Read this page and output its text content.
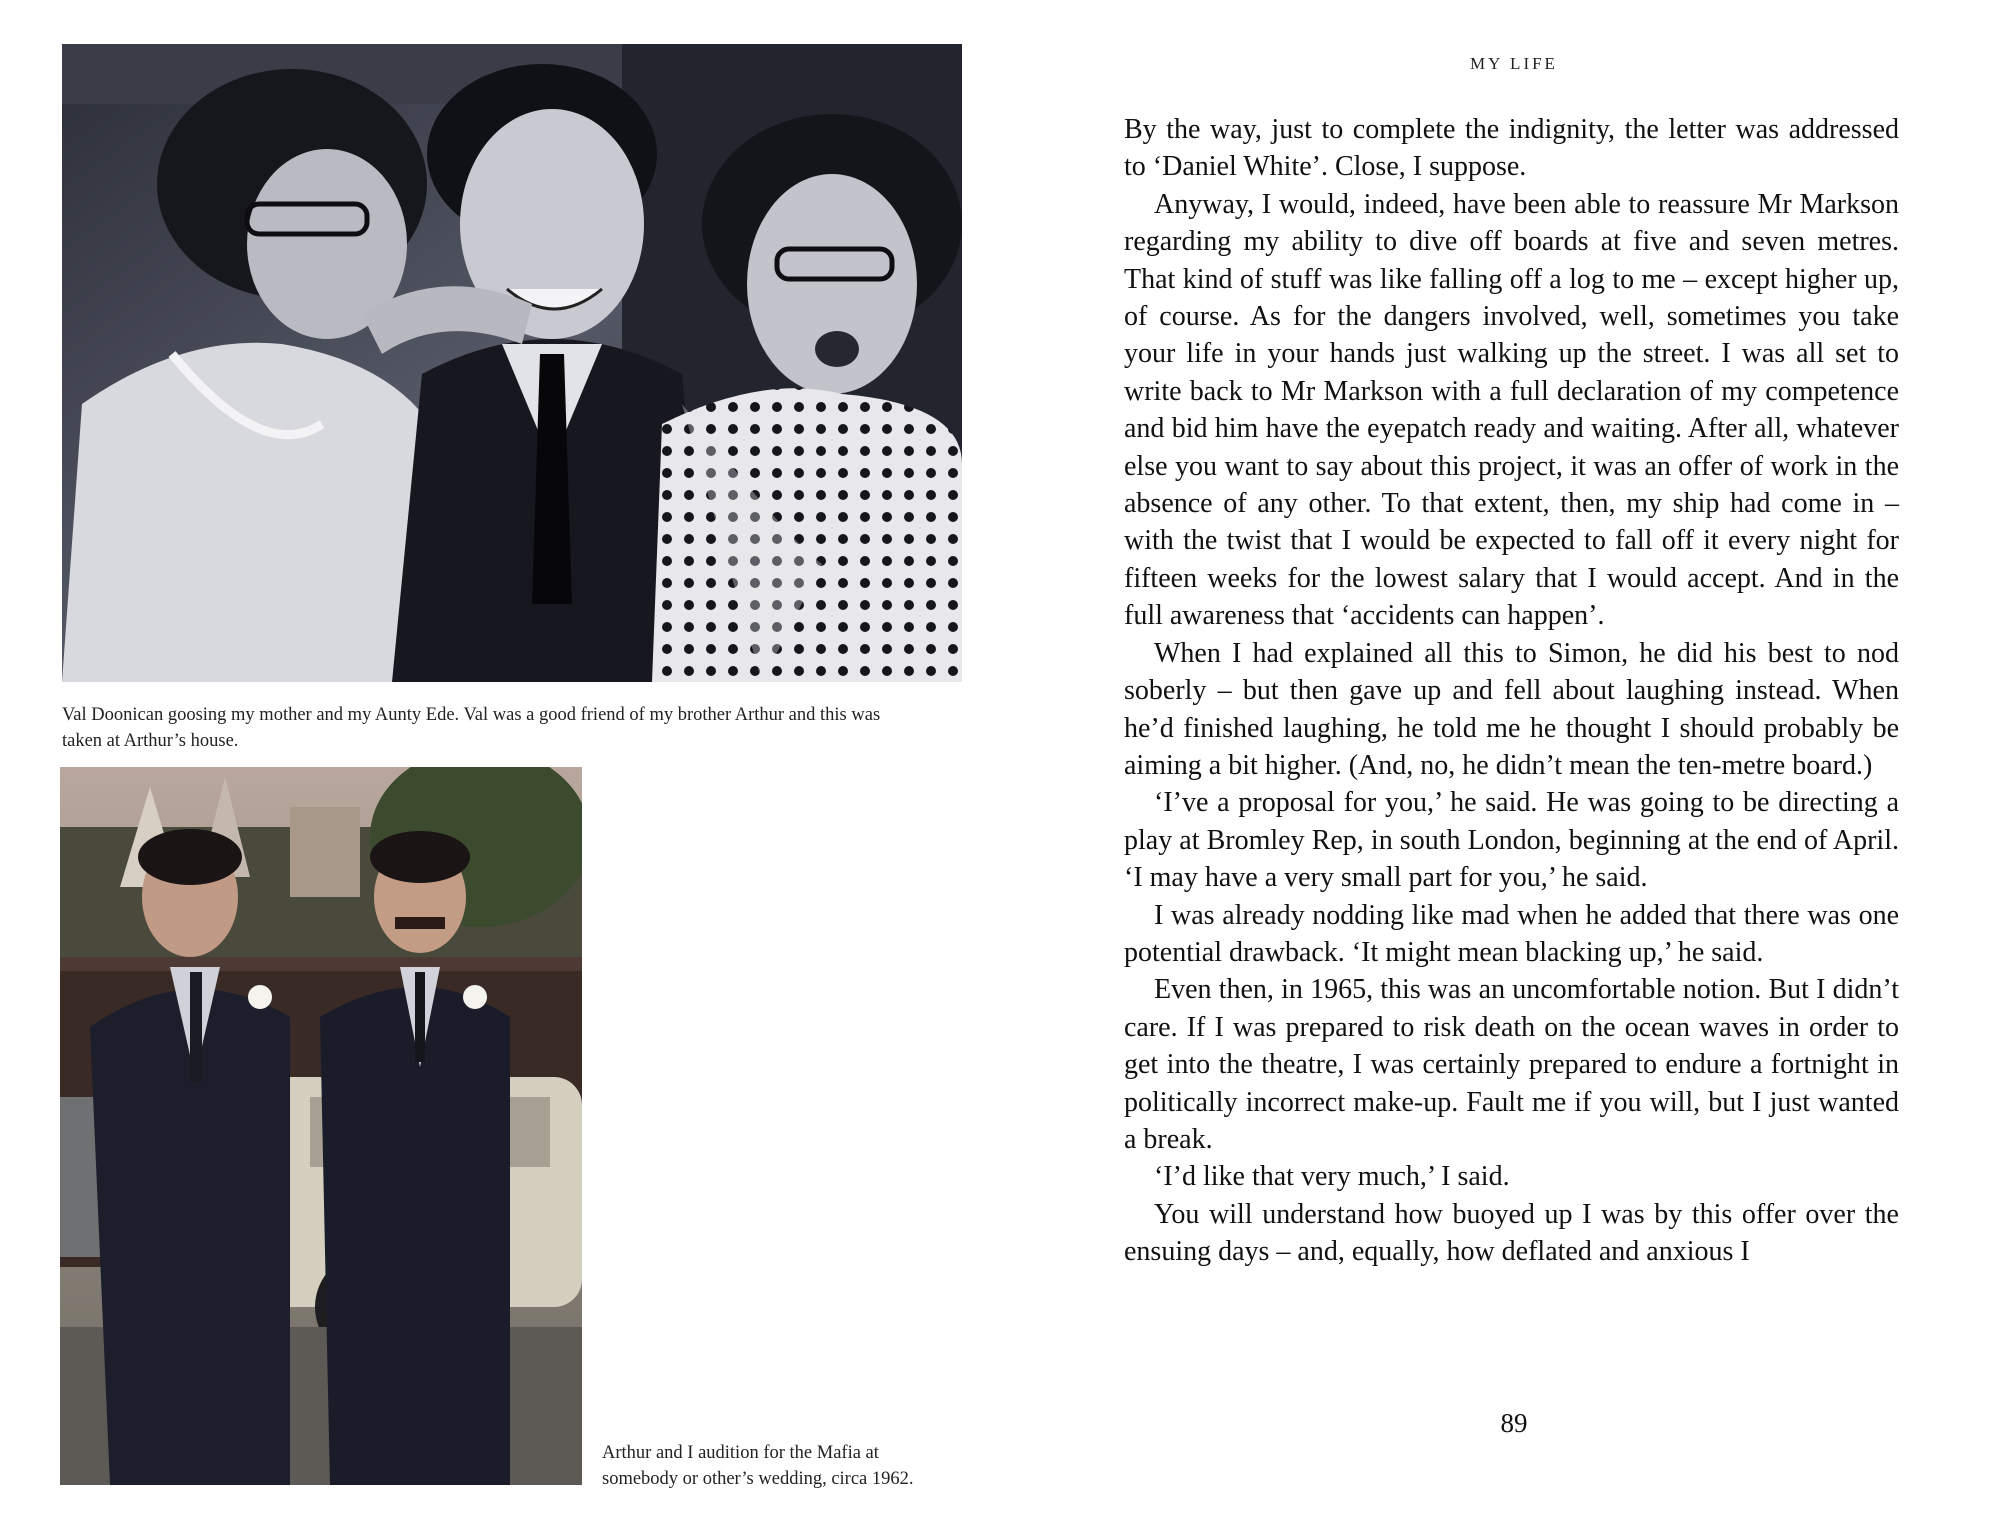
Val Doonican goosing my mother and my Aunty Ede. Val was a good friend of my brother Arthur and this was taken at Arthur’s house.
Arthur and I audition for the Mafia at
somebody or other’s wedding, circa 1962.
MY LIFE

By the way, just to complete the indignity, the letter was addressed to ‘Daniel White’. Close, I suppose.

Anyway, I would, indeed, have been able to reassure Mr Markson regarding my ability to dive off boards at five and seven metres. That kind of stuff was like falling off a log to me – except higher up, of course. As for the dangers involved, well, sometimes you take your life in your hands just walking up the street. I was all set to write back to Mr Markson with a full declaration of my competence and bid him have the eyepatch ready and waiting. After all, whatever else you want to say about this project, it was an offer of work in the absence of any other. To that extent, then, my ship had come in – with the twist that I would be expected to fall off it every night for fifteen weeks for the lowest salary that I would accept. And in the full awareness that ‘accidents can happen’.

When I had explained all this to Simon, he did his best to nod soberly – but then gave up and fell about laughing instead. When he’d finished laughing, he told me he thought I should probably be aiming a bit higher. (And, no, he didn’t mean the ten-metre board.)

‘I’ve a proposal for you,’ he said. He was going to be directing a play at Bromley Rep, in south London, beginning at the end of April. ‘I may have a very small part for you,’ he said.

I was already nodding like mad when he added that there was one potential drawback. ‘It might mean blacking up,’ he said.

Even then, in 1965, this was an uncomfortable notion. But I didn’t care. If I was prepared to risk death on the ocean waves in order to get into the theatre, I was certainly prepared to endure a fortnight in politically incorrect make-up. Fault me if you will, but I just wanted a break.

‘I’d like that very much,’ I said.

You will understand how buoyed up I was by this offer over the ensuing days – and, equally, how deflated and anxious I

89
